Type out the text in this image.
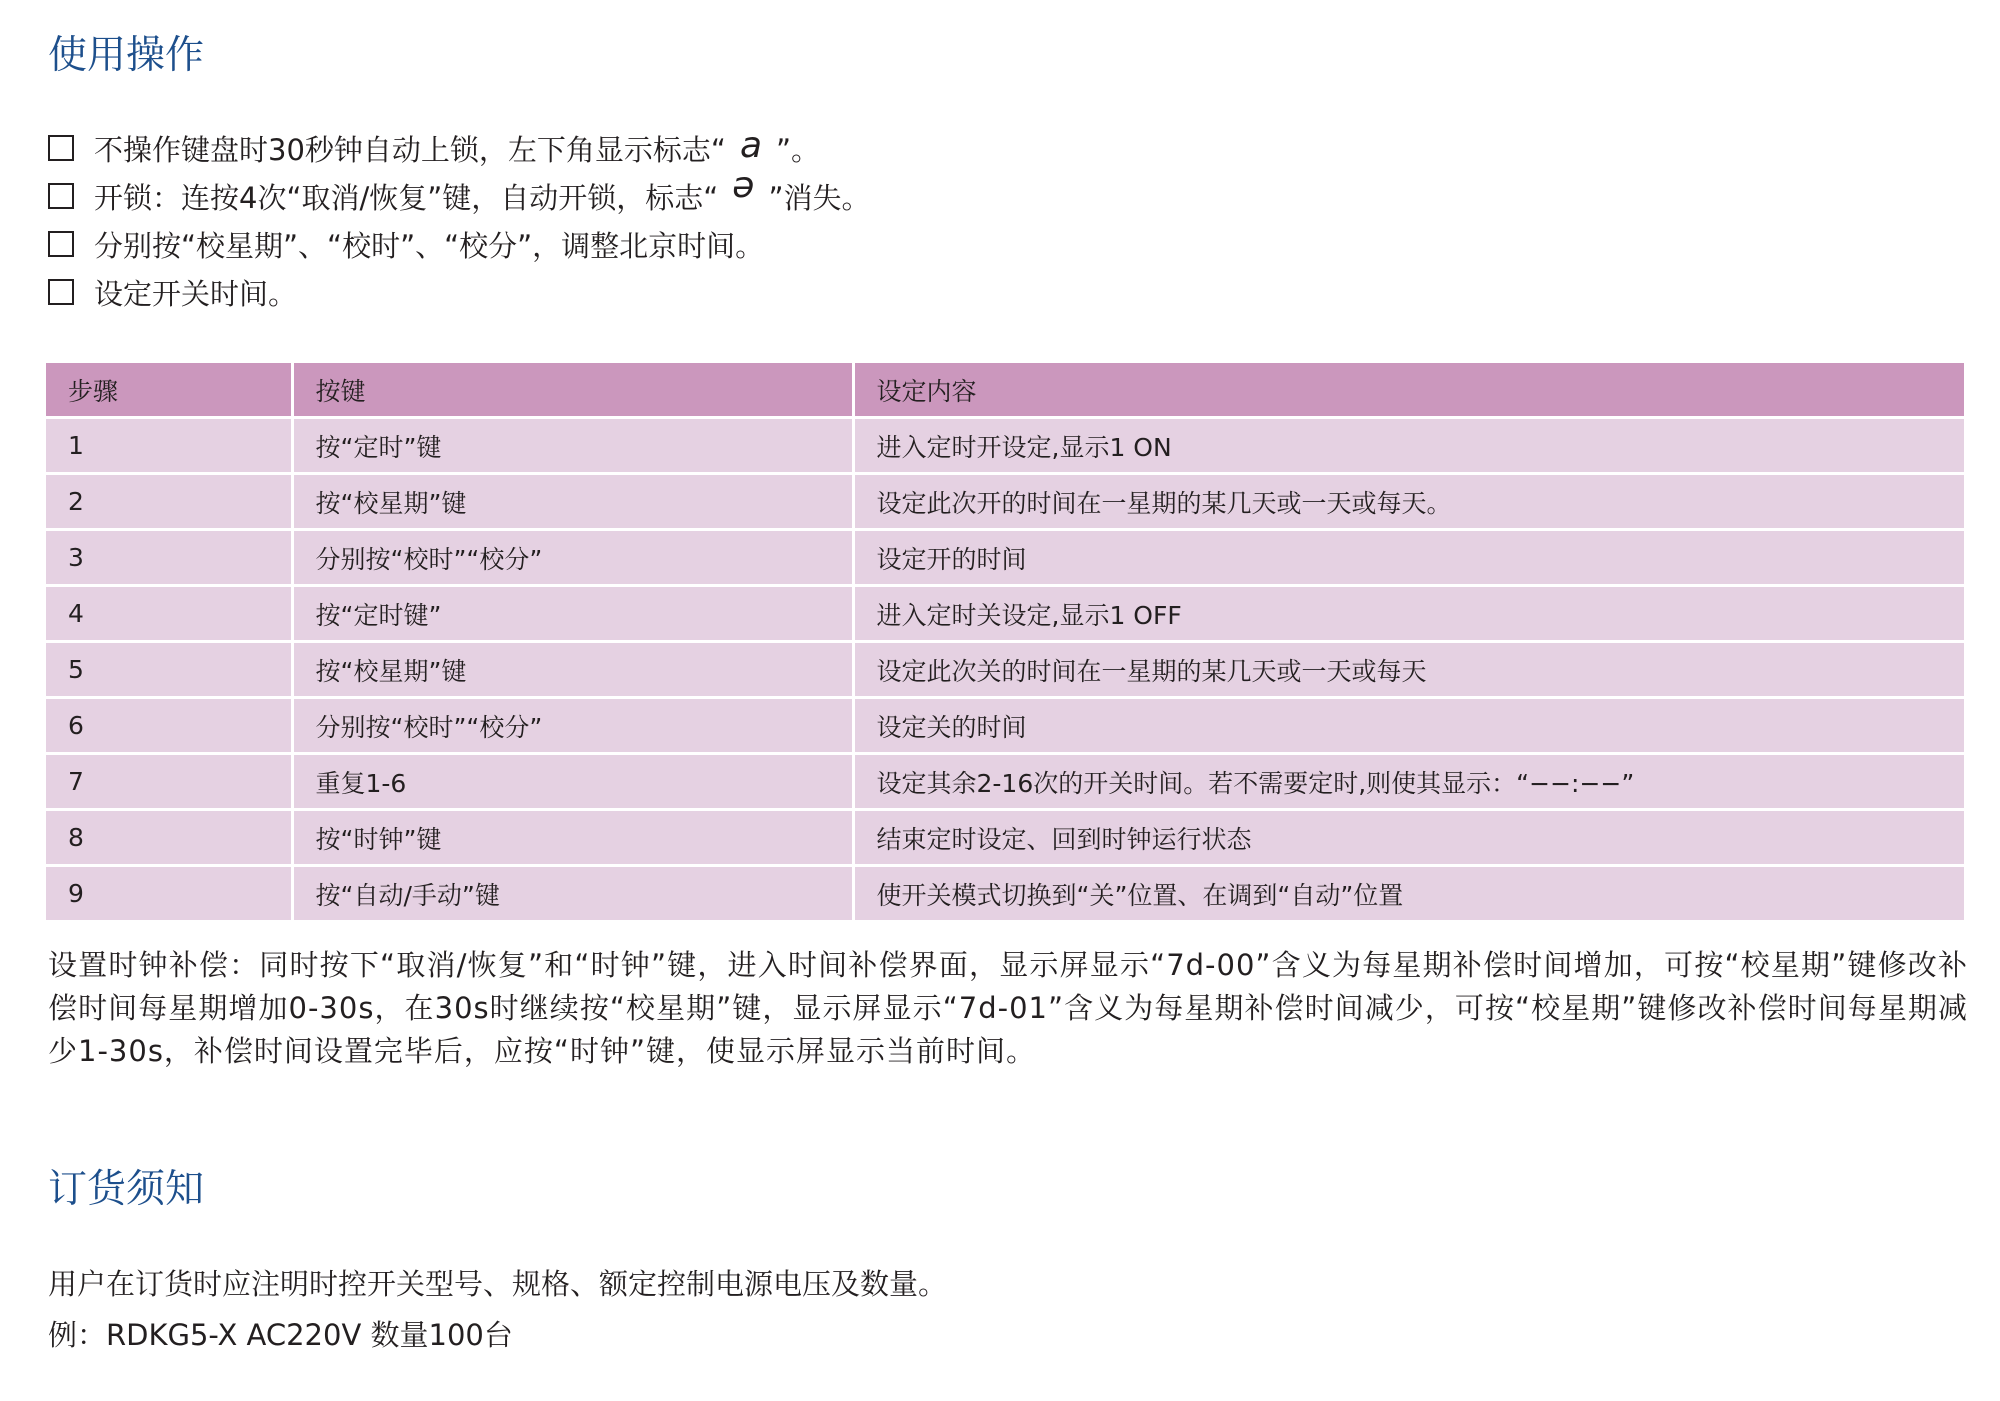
使用操作
不操作键盘时30秒钟自动上锁，左下角显示标志“ a ”。
开锁：连按4次“取消/恢复”键，自动开锁，标志“ ə ”消失。
分别按“校星期”、“校时”、“校分”，调整北京时间。
设定开关时间。
步骤	按键	设定内容
1	按“定时”键	进入定时开设定,显示1 ON
2	按“校星期”键	设定此次开的时间在一星期的某几天或一天或每天。
3	分别按“校时”“校分”	设定开的时间
4	按“定时键”	进入定时关设定,显示1 OFF
5	按“校星期”键	设定此次关的时间在一星期的某几天或一天或每天
6	分别按“校时”“校分”	设定关的时间
7	重复1-6	设定其余2-16次的开关时间。若不需要定时,则使其显示：“−−:−−”
8	按“时钟”键	结束定时设定、回到时钟运行状态
9	按“自动/手动”键	使开关模式切换到“关”位置、在调到“自动”位置

设置时钟补偿：同时按下“取消/恢复”和“时钟”键，进入时间补偿界面，显示屏显示“7d-00”含义为每星期补偿时间增加，可按“校星期”键修改补偿时间每星期增加0-30s，在30s时继续按“校星期”键，显示屏显示“7d-01”含义为每星期补偿时间减少，可按“校星期”键修改补偿时间每星期减少1-30s，补偿时间设置完毕后，应按“时钟”键，使显示屏显示当前时间。

订货须知

用户在订货时应注明时控开关型号、规格、额定控制电源电压及数量。

例：RDKG5-X AC220V 数量100台
